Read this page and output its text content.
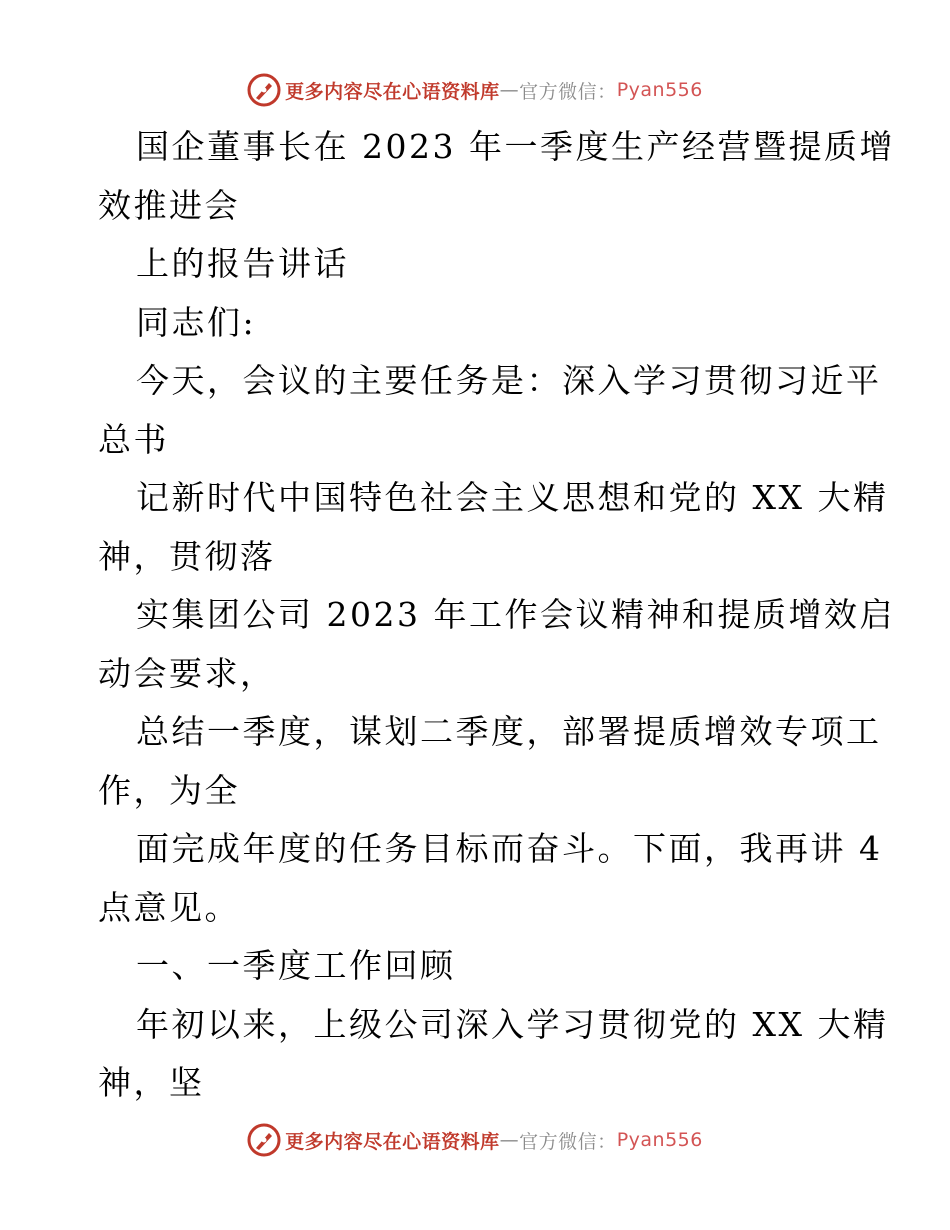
更多内容尽在心语资料库 — 官方微信： Pyan556
国企董事长在 2023 年一季度生产经营暨提质增
效推进会
上的报告讲话
同志们:
今天，会议的主要任务是：深入学习贯彻习近平
总书
记新时代中国特色社会主义思想和党的 XX 大精
神，贯彻落
实集团公司 2023 年工作会议精神和提质增效启
动会要求，
总结一季度，谋划二季度，部署提质增效专项工
作，为全
面完成年度的任务目标而奋斗。下面，我再讲 4
点意见。
一、一季度工作回顾
年初以来，上级公司深入学习贯彻党的 XX 大精
神，坚
更多内容尽在心语资料库 — 官方微信： Pyan556
